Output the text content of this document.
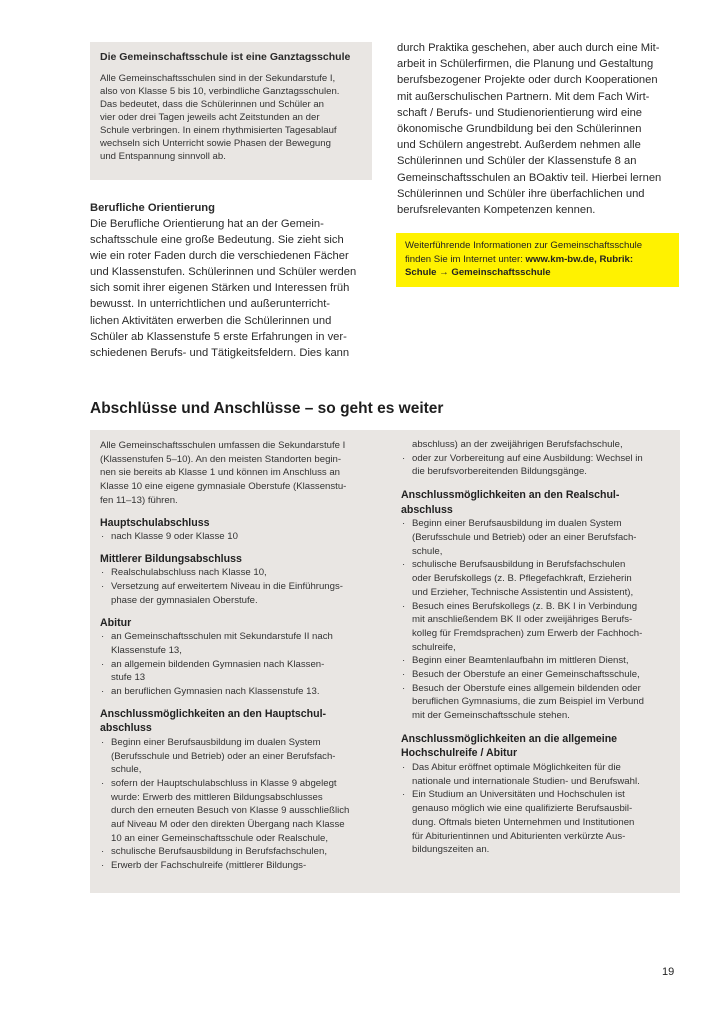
Die Gemeinschaftsschule ist eine Ganztagsschule

Alle Gemeinschaftsschulen sind in der Sekundarstufe I,
also von Klasse 5 bis 10, verbindliche Ganztagsschulen.
Das bedeutet, dass die Schülerinnen und Schüler an
vier oder drei Tagen jeweils acht Zeitstunden an der
Schule verbringen. In einem rhythmisierten Tagesablauf
wechseln sich Unterricht sowie Phasen der Bewegung
und Entspannung sinnvoll ab.

Berufliche Orientierung

Die Berufliche Orientierung hat an der Gemein-
schaftsschule eine große Bedeutung. Sie zieht sich
wie ein roter Faden durch die verschiedenen Fächer
und Klassenstufen. Schülerinnen und Schüler werden
sich somit ihrer eigenen Stärken und Interessen früh
bewusst. In unterrichtlichen und außerunterricht-
lichen Aktivitäten erwerben die Schülerinnen und
Schüler ab Klassenstufe 5 erste Erfahrungen in ver-
schiedenen Berufs- und Tätigkeitsfeldern. Dies kann

durch Praktika geschehen, aber auch durch eine Mit-
arbeit in Schülerfirmen, die Planung und Gestaltung
berufsbezogener Projekte oder durch Kooperationen
mit außerschulischen Partnern. Mit dem Fach Wirt-
schaft / Berufs- und Studienorientierung wird eine
ökonomische Grundbildung bei den Schülerinnen
und Schülern angestrebt. Außerdem nehmen alle
Schülerinnen und Schüler der Klassenstufe 8 an
Gemeinschaftsschulen an BOaktiv teil. Hierbei lernen
Schülerinnen und Schüler ihre überfachlichen und
berufsrelevanten Kompetenzen kennen.

Weiterführende Informationen zur Gemeinschaftsschule
finden Sie im Internet unter: www.km-bw.de, Rubrik:
Schule → Gemeinschaftsschule
Abschlüsse und Anschlüsse – so geht es weiter

Alle Gemeinschaftsschulen umfassen die Sekundarstufe I
(Klassenstufen 5–10). An den meisten Standorten begin-
nen sie bereits ab Klasse 1 und können im Anschluss an
Klasse 10 eine eigene gymnasiale Oberstufe (Klassenstu-
fen 11–13) führen.

Hauptschulabschluss
· nach Klasse 9 oder Klasse 10
Mittlerer Bildungsabschluss
· Realschulabschluss nach Klasse 10,
· Versetzung auf erweitertem Niveau in die Einführungs-
phase der gymnasialen Oberstufe.
Abitur
· an Gemeinschaftsschulen mit Sekundarstufe II nach
Klassenstufe 13,
· an allgemein bildenden Gymnasien nach Klassen-
stufe 13
· an beruflichen Gymnasien nach Klassenstufe 13.
Anschlussmöglichkeiten an den Hauptschul-
abschluss
· Beginn einer Berufsausbildung im dualen System
(Berufsschule und Betrieb) oder an einer Berufsfach-
schule,
· sofern der Hauptschulabschluss in Klasse 9 abgelegt
wurde: Erwerb des mittleren Bildungsabschlusses
durch den erneuten Besuch von Klasse 9 ausschließlich
auf Niveau M oder den direkten Übergang nach Klasse
10 an einer Gemeinschaftsschule oder Realschule,
· schulische Berufsausbildung in Berufsfachschulen,
· Erwerb der Fachschulreife (mittlerer Bildungs-
abschluss) an der zweijährigen Berufsfachschule,
· oder zur Vorbereitung auf eine Ausbildung: Wechsel in
die berufsvorbereitenden Bildungsgänge.
Anschlussmöglichkeiten an den Realschul-
abschluss
· Beginn einer Berufsausbildung im dualen System
(Berufsschule und Betrieb) oder an einer Berufsfach-
schule,
· schulische Berufsausbildung in Berufsfachschulen
oder Berufskollegs (z. B. Pflegefachkraft, Erzieherin
und Erzieher, Technische Assistentin und Assistent),
· Besuch eines Berufskollegs (z. B. BK I in Verbindung
mit anschließendem BK II oder zweijähriges Berufs-
kolleg für Fremdsprachen) zum Erwerb der Fachhoch-
schulreife,
· Beginn einer Beamtenlaufbahn im mittleren Dienst,
· Besuch der Oberstufe an einer Gemeinschaftsschule,
· Besuch der Oberstufe eines allgemein bildenden oder
beruflichen Gymnasiums, die zum Beispiel im Verbund
mit der Gemeinschaftsschule stehen.
Anschlussmöglichkeiten an die allgemeine
Hochschulreife / Abitur
· Das Abitur eröffnet optimale Möglichkeiten für die
nationale und internationale Studien- und Berufswahl.
· Ein Studium an Universitäten und Hochschulen ist
genauso möglich wie eine qualifizierte Berufsausbil-
dung. Oftmals bieten Unternehmen und Institutionen
für Abiturientinnen und Abiturienten verkürzte Aus-
bildungszeiten an.
19
